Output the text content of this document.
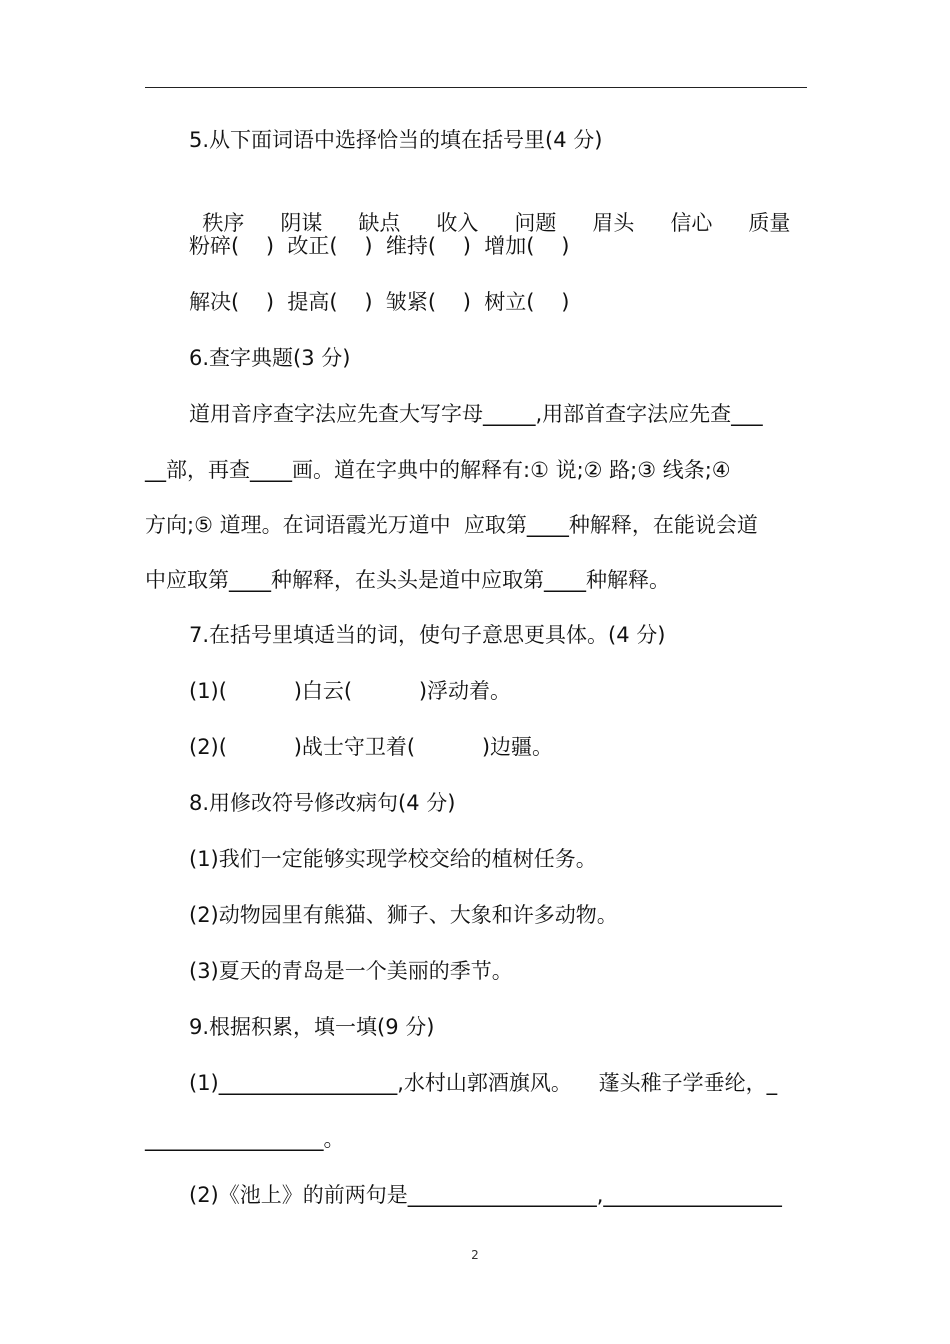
5.从下面词语中选择恰当的填在括号里(4 分)

秩序 阴谋 缺点 收入 问题 眉头 信心 质量

粉碎(    )  改正(    )  维持(    )  增加(    )
解决(    )  提高(    )  皱紧(    )  树立(    )
6.查字典题(3 分)
道用音序查字法应先查大写字母_____,用部首查字法应先查___
__部，再查____画。道在字典中的解释有:① 说;② 路;③ 线条;④
方向;⑤ 道理。在词语霞光万道中  应取第____种解释，在能说会道
中应取第____种解释，在头头是道中应取第____种解释。
7.在括号里填适当的词，使句子意思更具体。(4 分)
(1)(          )白云(          )浮动着。
(2)(          )战士守卫着(          )边疆。
8.用修改符号修改病句(4 分)
(1)我们一定能够实现学校交给的植树任务。
(2)动物园里有熊猫、狮子、大象和许多动物。
(3)夏天的青岛是一个美丽的季节。
9.根据积累，填一填(9 分)
(1)_________________,水村山郭酒旗风。    蓬头稚子学垂纶，_
_________________。
(2)《池上》的前两句是__________________,_________________
2
